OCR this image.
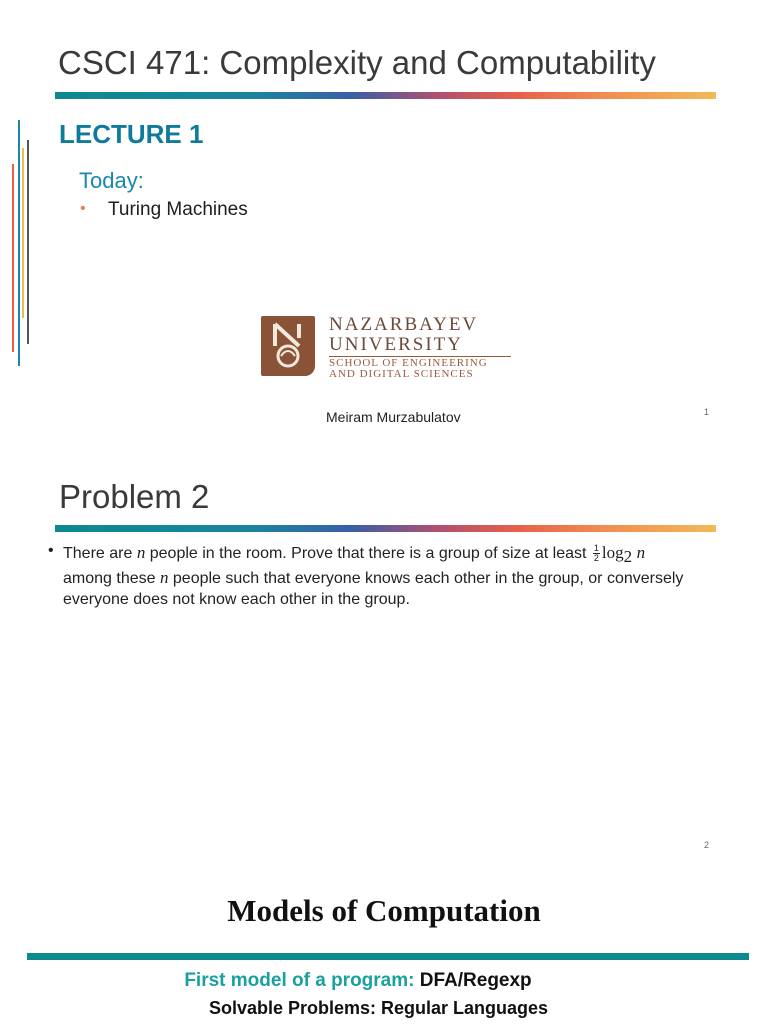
CSCI 471: Complexity and Computability
LECTURE 1
Today:
• Turing Machines
NAZARBAYEV
UNIVERSITY
SCHOOL OF ENGINEERING
AND DIGITAL SCIENCES
Meiram Murzabulatov	1
Problem 2
• There are n people in the room. Prove that there is a group of size at least $\frac{1}{2} \log_2 n$
among these n people such that everyone knows each other in the group, or conversely everyone does not know each other in the group.
2
Models of Computation
First model of a program: DFA/Regexp
Solvable Problems: Regular Languages
